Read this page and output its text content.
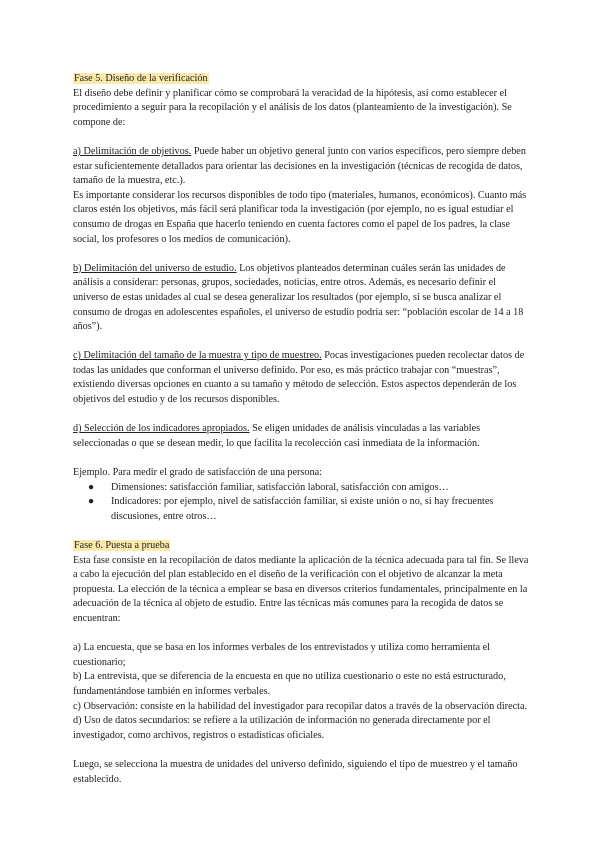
Fase 5. Diseño de la verificación

El diseño debe definir y planificar cómo se comprobará la veracidad de la hipótesis, así como establecer el procedimiento a seguir para la recopilación y el análisis de los datos (planteamiento de la investigación). Se compone de:

a) Delimitación de objetivos. Puede haber un objetivo general junto con varios específicos, pero siempre deben estar suficientemente detallados para orientar las decisiones en la investigación (técnicas de recogida de datos, tamaño de la muestra, etc.).

Es importante considerar los recursos disponibles de todo tipo (materiales, humanos, económicos). Cuanto más claros estén los objetivos, más fácil será planificar toda la investigación (por ejemplo, no es igual estudiar el consumo de drogas en España que hacerlo teniendo en cuenta factores como el papel de los padres, la clase social, los profesores o los medios de comunicación).

b) Delimitación del universo de estudio. Los objetivos planteados determinan cuáles serán las unidades de análisis a considerar: personas, grupos, sociedades, noticias, entre otros. Además, es necesario definir el universo de estas unidades al cual se desea generalizar los resultados (por ejemplo, si se busca analizar el consumo de drogas en adolescentes españoles, el universo de estudio podría ser: “población escolar de 14 a 18 años”).

c) Delimitación del tamaño de la muestra y tipo de muestreo. Pocas investigaciones pueden recolectar datos de todas las unidades que conforman el universo definido. Por eso, es más práctico trabajar con “muestras”, existiendo diversas opciones en cuanto a su tamaño y método de selección. Estos aspectos dependerán de los objetivos del estudio y de los recursos disponibles.

d) Selección de los indicadores apropiados. Se eligen unidades de análisis vinculadas a las variables seleccionadas o que se desean medir, lo que facilita la recolección casi inmediata de la información.

Ejemplo. Para medir el grado de satisfacción de una persona:

● Dimensiones: satisfacción familiar, satisfacción laboral, satisfacción con amigos…
● Indicadores: por ejemplo, nivel de satisfacción familiar, si existe unión o no, si hay frecuentes discusiones, entre otros…

Fase 6. Puesta a prueba

Esta fase consiste en la recopilación de datos mediante la aplicación de la técnica adecuada para tal fin. Se lleva a cabo la ejecución del plan establecido en el diseño de la verificación con el objetivo de alcanzar la meta propuesta. La elección de la técnica a emplear se basa en diversos criterios fundamentales, principalmente en la adecuación de la técnica al objeto de estudio. Entre las técnicas más comunes para la recogida de datos se encuentran:

a) La encuesta, que se basa en los informes verbales de los entrevistados y utiliza como herramienta el cuestionario;

b) La entrevista, que se diferencia de la encuesta en que no utiliza cuestionario o este no está estructurado, fundamentándose también en informes verbales.

c) Observación: consiste en la habilidad del investigador para recopilar datos a través de la observación directa.

d) Uso de datos secundarios: se refiere a la utilización de información no generada directamente por el investigador, como archivos, registros o estadísticas oficiales.

Luego, se selecciona la muestra de unidades del universo definido, siguiendo el tipo de muestreo y el tamaño establecido.
